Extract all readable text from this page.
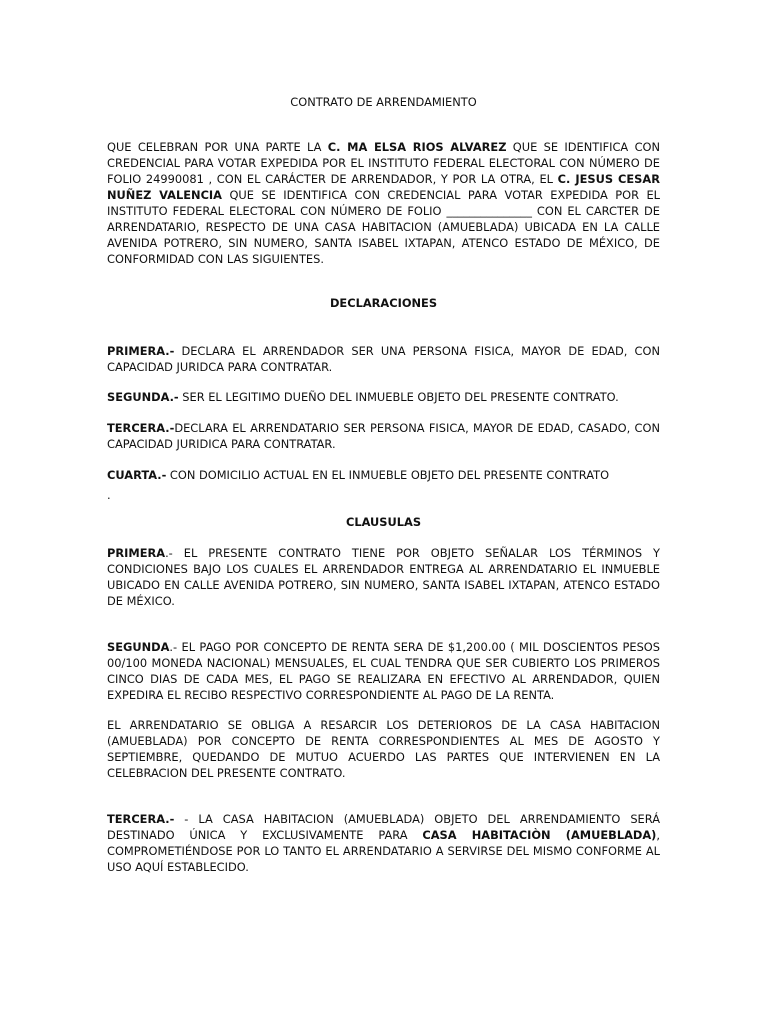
CONTRATO DE ARRENDAMIENTO

QUE CELEBRAN POR UNA PARTE LA C. MA ELSA RIOS ALVAREZ QUE SE IDENTIFICA CON CREDENCIAL PARA VOTAR EXPEDIDA POR EL INSTITUTO FEDERAL ELECTORAL CON NÚMERO DE FOLIO 24990081 , CON EL CARÁCTER DE ARRENDADOR, Y POR LA OTRA, EL C. JESUS CESAR NUÑEZ VALENCIA QUE SE IDENTIFICA CON CREDENCIAL PARA VOTAR EXPEDIDA POR EL INSTITUTO FEDERAL ELECTORAL CON NÚMERO DE FOLIO _______________ CON EL CARCTER DE ARRENDATARIO, RESPECTO DE UNA CASA HABITACION (AMUEBLADA) UBICADA EN LA CALLE AVENIDA POTRERO, SIN NUMERO, SANTA ISABEL IXTAPAN, ATENCO ESTADO DE MÉXICO, DE CONFORMIDAD CON LAS SIGUIENTES.

DECLARACIONES

PRIMERA.- DECLARA EL ARRENDADOR SER UNA PERSONA FISICA, MAYOR DE EDAD, CON CAPACIDAD JURIDCA PARA CONTRATAR.

SEGUNDA.- SER EL LEGITIMO DUEÑO DEL INMUEBLE OBJETO DEL PRESENTE CONTRATO.

TERCERA.-DECLARA EL ARRENDATARIO SER PERSONA FISICA, MAYOR DE EDAD, CASADO, CON CAPACIDAD JURIDICA PARA CONTRATAR.

CUARTA.- CON DOMICILIO ACTUAL EN EL INMUEBLE OBJETO DEL PRESENTE CONTRATO

.

CLAUSULAS

PRIMERA.- EL PRESENTE CONTRATO TIENE POR OBJETO SEÑALAR LOS TÉRMINOS Y CONDICIONES BAJO LOS CUALES EL ARRENDADOR ENTREGA AL ARRENDATARIO EL INMUEBLE UBICADO EN CALLE AVENIDA POTRERO, SIN NUMERO, SANTA ISABEL IXTAPAN, ATENCO ESTADO DE MÉXICO.

SEGUNDA.- EL PAGO POR CONCEPTO DE RENTA SERA DE $1,200.00 ( MIL DOSCIENTOS PESOS 00/100 MONEDA NACIONAL) MENSUALES, EL CUAL TENDRA QUE SER CUBIERTO LOS PRIMEROS CINCO DIAS DE CADA MES, EL PAGO SE REALIZARA EN EFECTIVO AL ARRENDADOR, QUIEN EXPEDIRA EL RECIBO RESPECTIVO CORRESPONDIENTE AL PAGO DE LA RENTA.

EL ARRENDATARIO SE OBLIGA A RESARCIR LOS DETERIOROS DE LA CASA HABITACION (AMUEBLADA) POR CONCEPTO DE RENTA CORRESPONDIENTES AL MES DE AGOSTO Y SEPTIEMBRE, QUEDANDO DE MUTUO ACUERDO LAS PARTES QUE INTERVIENEN EN LA CELEBRACION DEL PRESENTE CONTRATO.

TERCERA.- - LA CASA HABITACION (AMUEBLADA) OBJETO DEL ARRENDAMIENTO SERÁ DESTINADO ÚNICA Y EXCLUSIVAMENTE PARA CASA HABITACIÒN (AMUEBLADA), COMPROMETIÉNDOSE POR LO TANTO EL ARRENDATARIO A SERVIRSE DEL MISMO CONFORME AL USO AQUÍ ESTABLECIDO.
